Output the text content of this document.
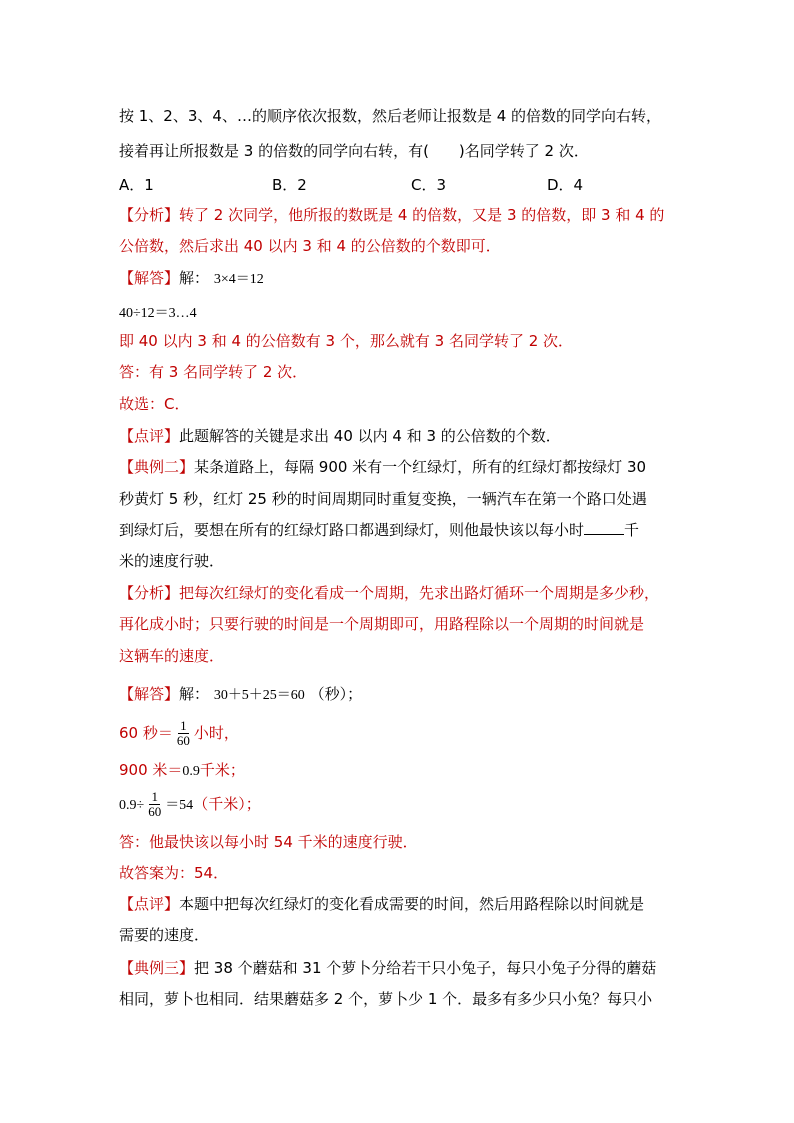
按 1、2、3、4、…的顺序依次报数，然后老师让报数是 4 的倍数的同学向右转，
接着再让所报数是 3 的倍数的同学向右转，有(　　)名同学转了 2 次．
A．1	B．2	C．3	D．4
【分析】转了 2 次同学，他所报的数既是 4 的倍数，又是 3 的倍数，即 3 和 4 的
公倍数，然后求出 40 以内 3 和 4 的公倍数的个数即可．
【解答】解： 3×4＝12
40÷12＝3…4
即 40 以内 3 和 4 的公倍数有 3 个，那么就有 3 名同学转了 2 次．
答：有 3 名同学转了 2 次．
故选：C．
【点评】此题解答的关键是求出 40 以内 4 和 3 的公倍数的个数．
【典例二】某条道路上，每隔 900 米有一个红绿灯，所有的红绿灯都按绿灯 30
秒黄灯 5 秒，红灯 25 秒的时间周期同时重复变换，一辆汽车在第一个路口处遇
到绿灯后，要想在所有的红绿灯路口都遇到绿灯，则他最快该以每小时	千
米的速度行驶．
【分析】把每次红绿灯的变化看成一个周期，先求出路灯循环一个周期是多少秒，
再化成小时；只要行驶的时间是一个周期即可，用路程除以一个周期的时间就是
这辆车的速度．
【解答】解： 30＋5＋25＝60 （秒）；
60 秒＝ $\frac{1}{60}$ 小时，
900 米＝0.9千米；
$0.9\div \frac{1}{60} =54$（千米）；
答：他最快该以每小时 54 千米的速度行驶．
故答案为：54．
【点评】本题中把每次红绿灯的变化看成需要的时间，然后用路程除以时间就是
需要的速度．
【典例三】把 38 个蘑菇和 31 个萝卜分给若干只小兔子，每只小兔子分得的蘑菇
相同，萝卜也相同．结果蘑菇多 2 个，萝卜少 1 个．最多有多少只小兔？每只小
